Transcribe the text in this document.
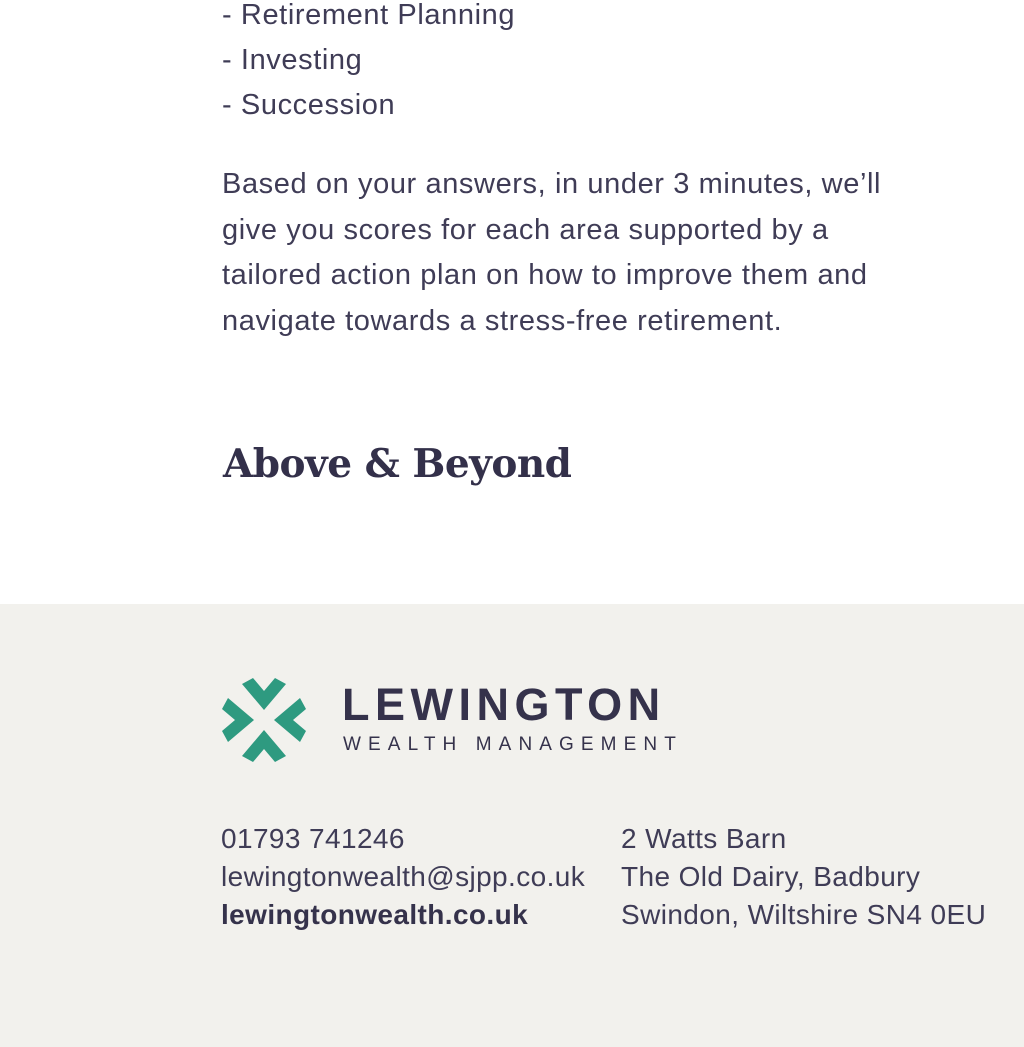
- Retirement Planning
- Investing
- Succession

Based on your answers, in under 3 minutes, we’ll give you scores for each area supported by a tailored action plan on how to improve them and navigate towards a stress-free retirement.

Above & Beyond
LEWINGTON
WEALTH MANAGEMENT
01793 741246
lewingtonwealth@sjpp.co.uk
lewingtonwealth.co.uk
2 Watts Barn
The Old Dairy, Badbury
Swindon, Wiltshire SN4 0EU
